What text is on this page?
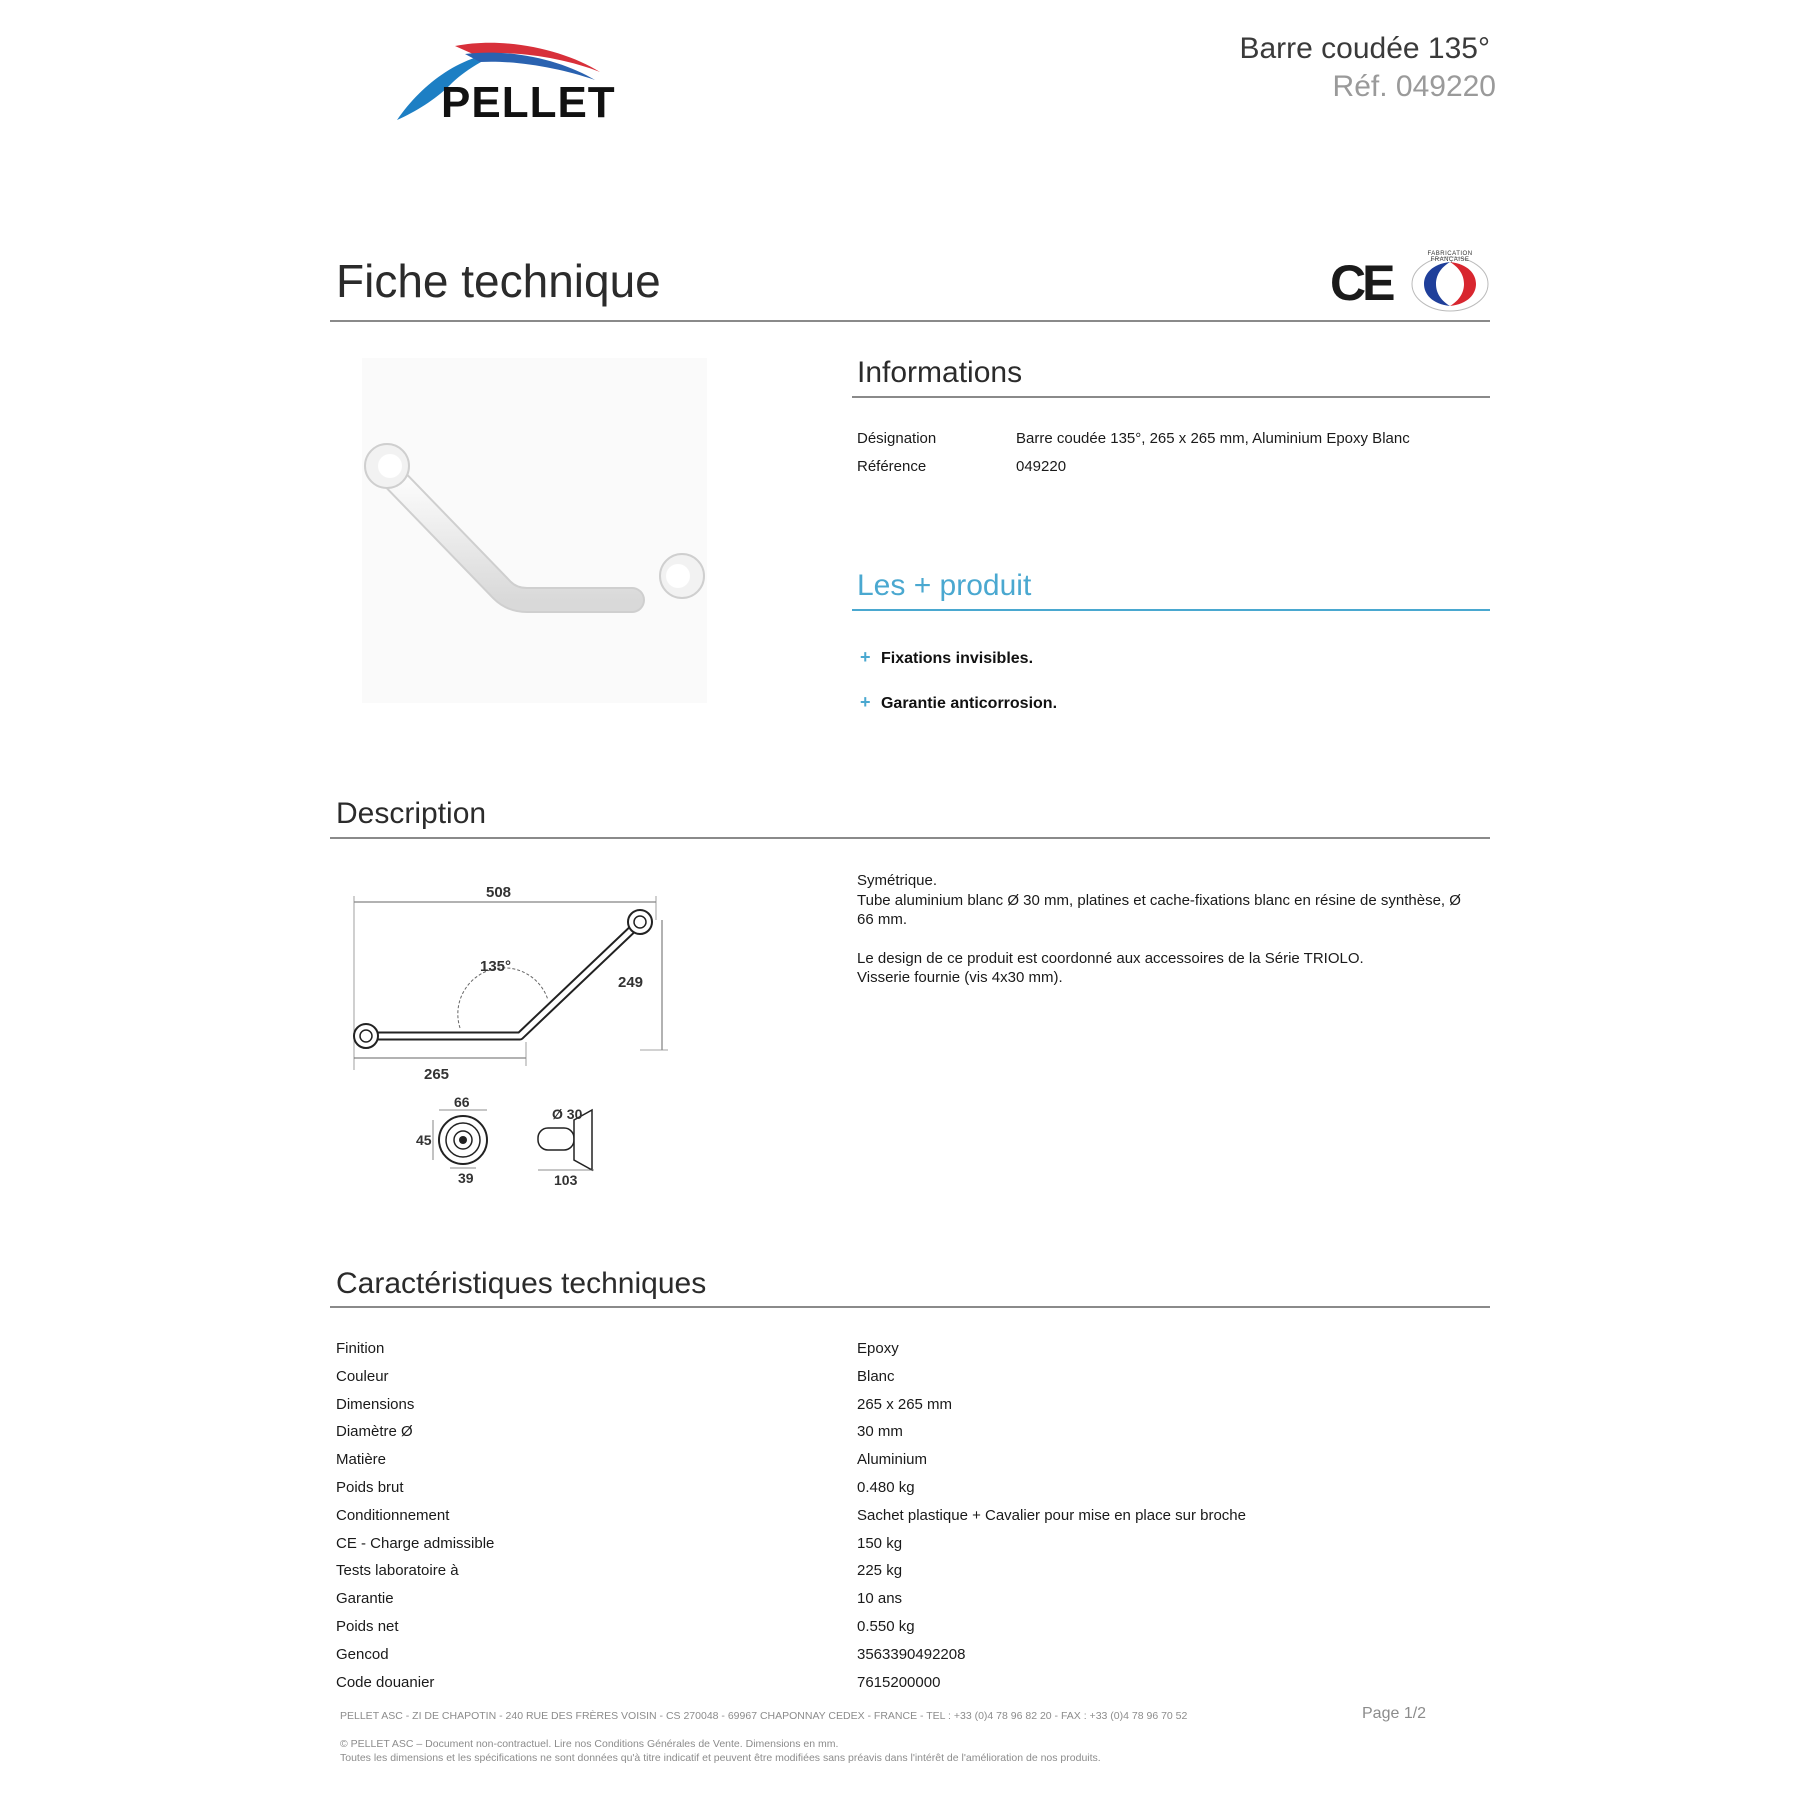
PELLET
Barre coudée 135°
Réf. 049220
Fiche technique	CE
FABRICATION FRANÇAISE
Informations
Désignation	Barre coudée 135°, 265 x 265 mm, Aluminium Epoxy Blanc
Référence	049220
Les + produit
+ Fixations invisibles.
+ Garantie anticorrosion.
Description
508
135°
249
265
66
45
39
Ø 30
103
Symétrique.
Tube aluminium blanc Ø 30 mm, platines et cache-fixations blanc en résine de synthèse, Ø 66 mm.
Le design de ce produit est coordonné aux accessoires de la Série TRIOLO.
Visserie fournie (vis 4x30 mm).
Caractéristiques techniques
Finition	Epoxy
Couleur	Blanc
Dimensions	265 x 265 mm
Diamètre Ø	30 mm
Matière	Aluminium
Poids brut	0.480 kg
Conditionnement	Sachet plastique + Cavalier pour mise en place sur broche
CE - Charge admissible	150 kg
Tests laboratoire à	225 kg
Garantie	10 ans
Poids net	0.550 kg
Gencod	3563390492208
Code douanier	7615200000
PELLET ASC - ZI DE CHAPOTIN - 240 RUE DES FRÈRES VOISIN - CS 270048 - 69967 CHAPONNAY CEDEX - FRANCE - TEL : +33 (0)4 78 96 82 20 - FAX : +33 (0)4 78 96 70 52	Page 1/2
© PELLET ASC – Document non-contractuel. Lire nos Conditions Générales de Vente. Dimensions en mm.
Toutes les dimensions et les spécifications ne sont données qu'à titre indicatif et peuvent être modifiées sans préavis dans l'intérêt de l'amélioration de nos produits.
